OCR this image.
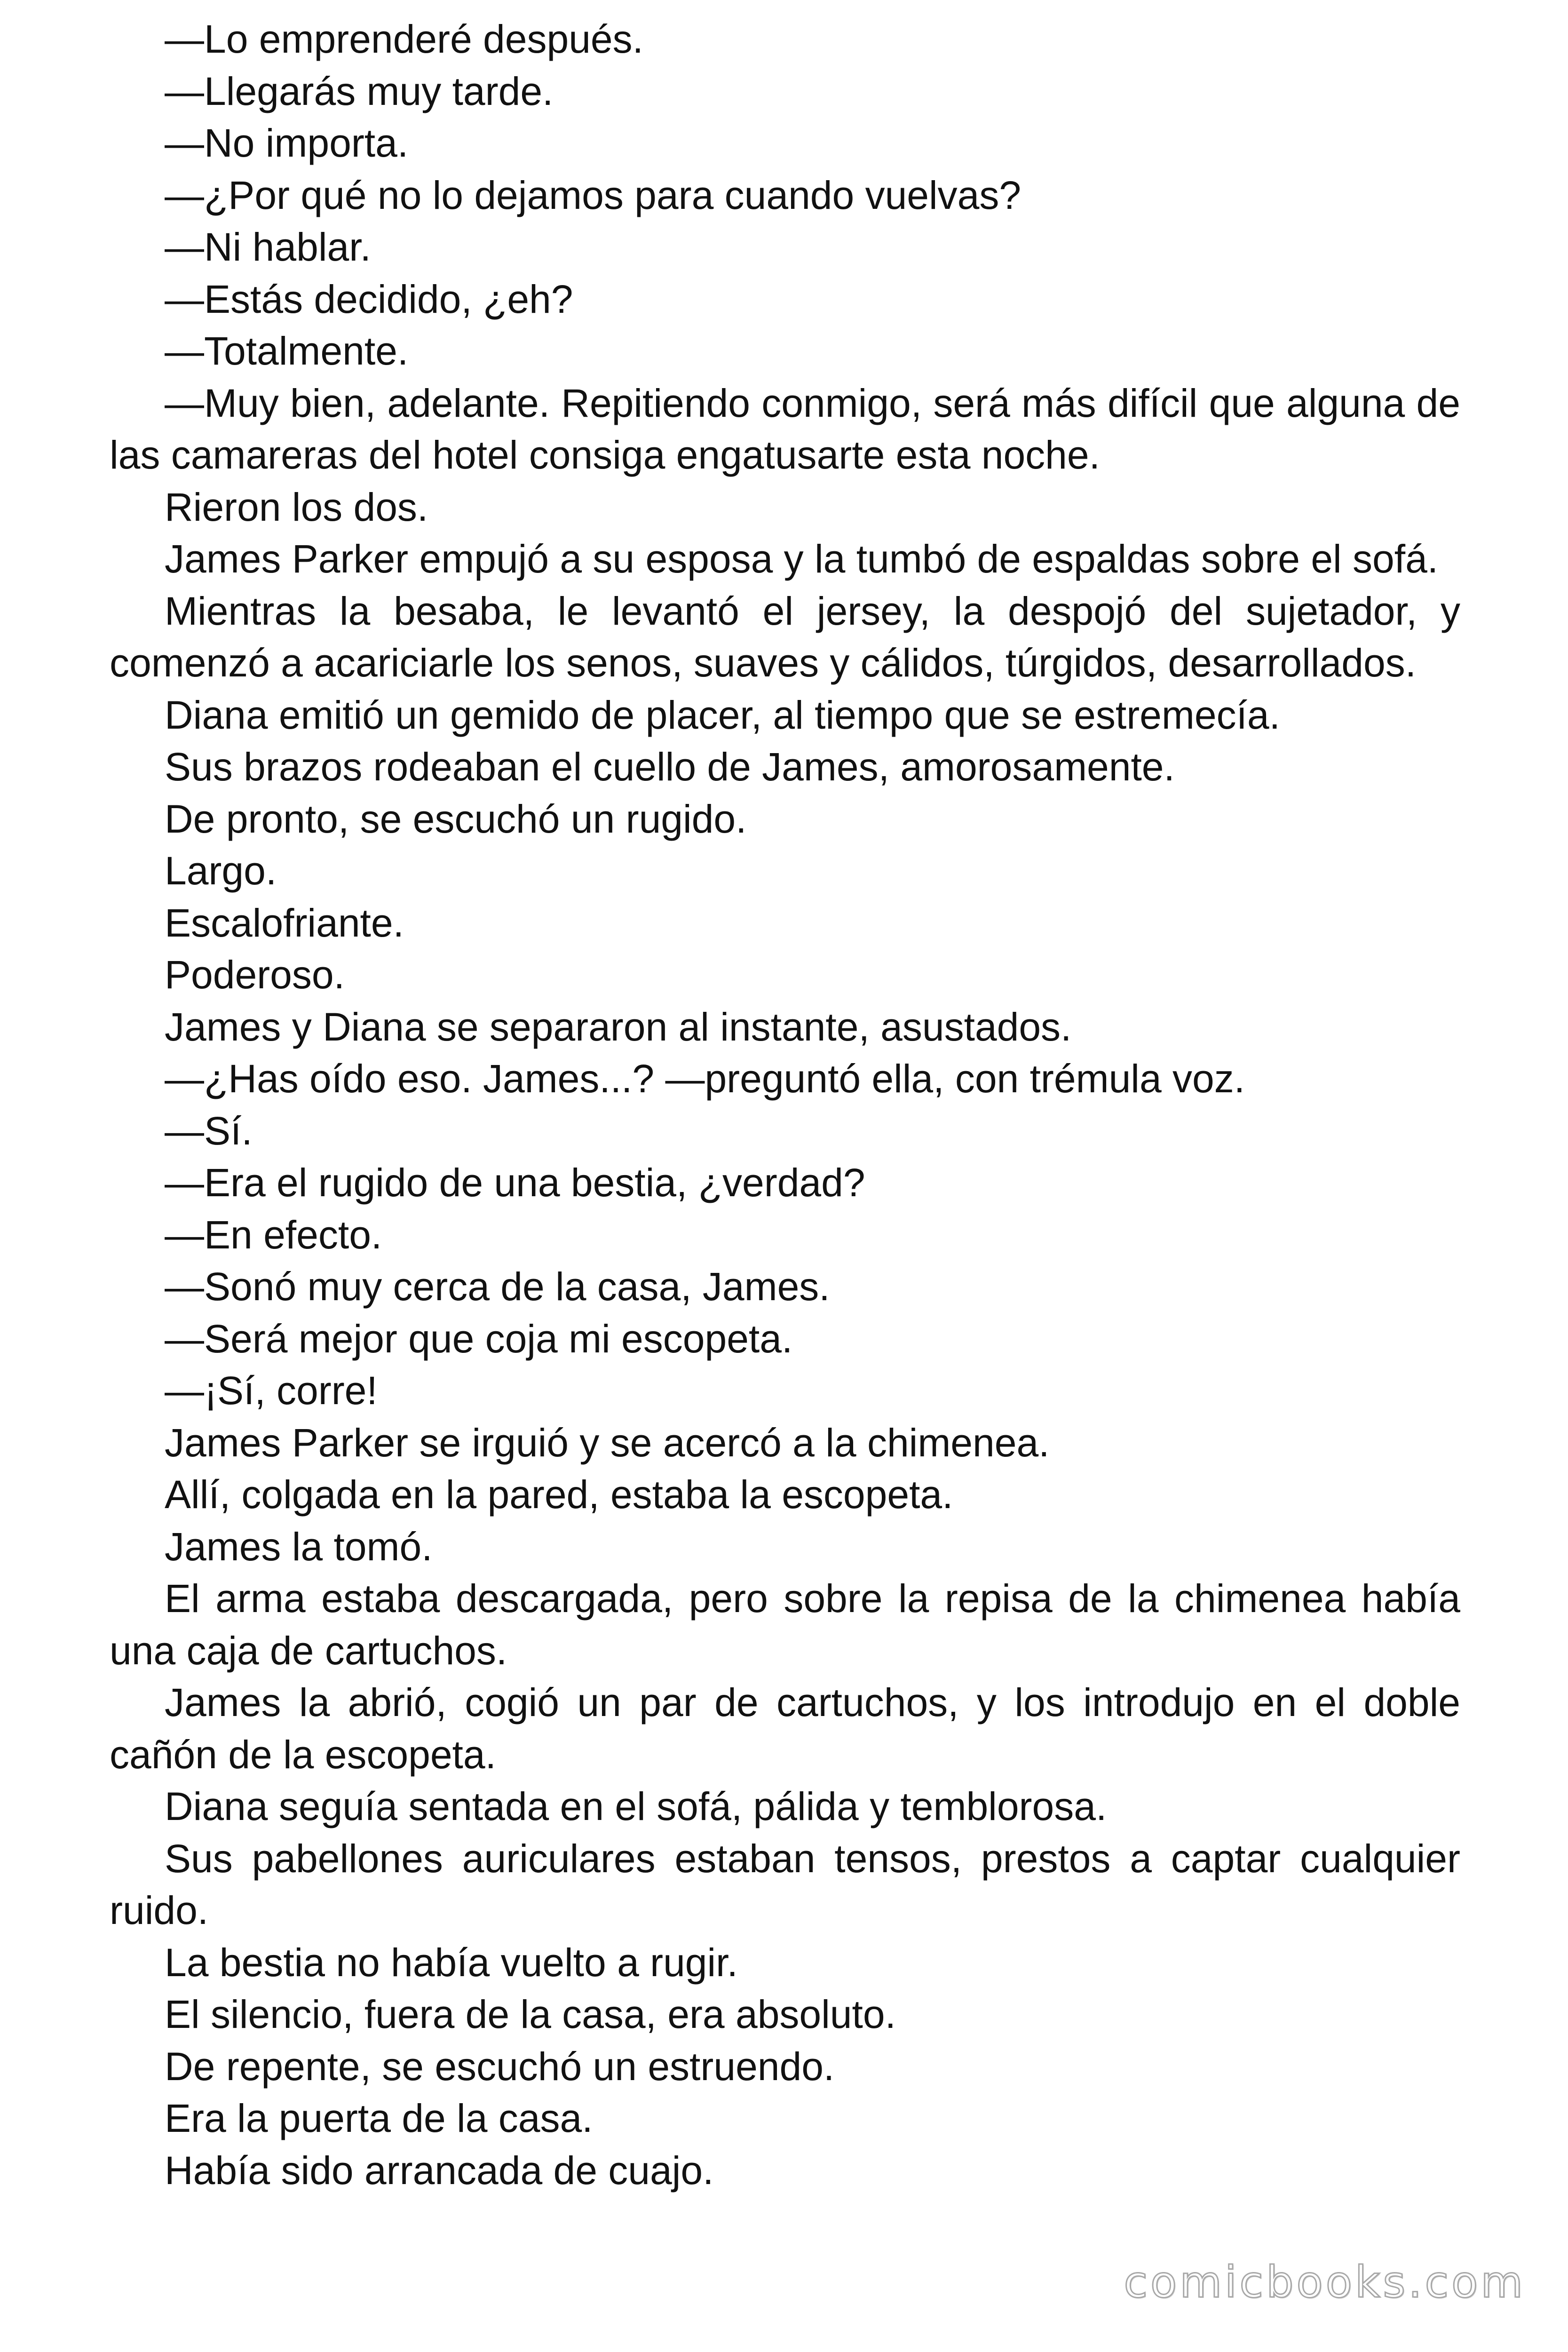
—Lo emprenderé después.

—Llegarás muy tarde.

—No importa.

—¿Por qué no lo dejamos para cuando vuelvas?

—Ni hablar.

—Estás decidido, ¿eh?

—Totalmente.

—Muy bien, adelante. Repitiendo conmigo, será más difícil que alguna de las camareras del hotel consiga engatusarte esta noche.

Rieron los dos.

James Parker empujó a su esposa y la tumbó de espaldas sobre el sofá.

Mientras la besaba, le levantó el jersey, la despojó del sujetador, y comenzó a acariciarle los senos, suaves y cálidos, túrgidos, desarrollados.

Diana emitió un gemido de placer, al tiempo que se estremecía.

Sus brazos rodeaban el cuello de James, amorosamente.

De pronto, se escuchó un rugido.

Largo.

Escalofriante.

Poderoso.

James y Diana se separaron al instante, asustados.

—¿Has oído eso. James...? —preguntó ella, con trémula voz.

—Sí.

—Era el rugido de una bestia, ¿verdad?

—En efecto.

—Sonó muy cerca de la casa, James.

—Será mejor que coja mi escopeta.

—¡Sí, corre!

James Parker se irguió y se acercó a la chimenea.

Allí, colgada en la pared, estaba la escopeta.

James la tomó.

El arma estaba descargada, pero sobre la repisa de la chimenea había una caja de cartuchos.

James la abrió, cogió un par de cartuchos, y los introdujo en el doble cañón de la escopeta.

Diana seguía sentada en el sofá, pálida y temblorosa.

Sus pabellones auriculares estaban tensos, prestos a captar cualquier ruido.

La bestia no había vuelto a rugir.

El silencio, fuera de la casa, era absoluto.

De repente, se escuchó un estruendo.

Era la puerta de la casa.

Había sido arrancada de cuajo.

comicbooks.com
